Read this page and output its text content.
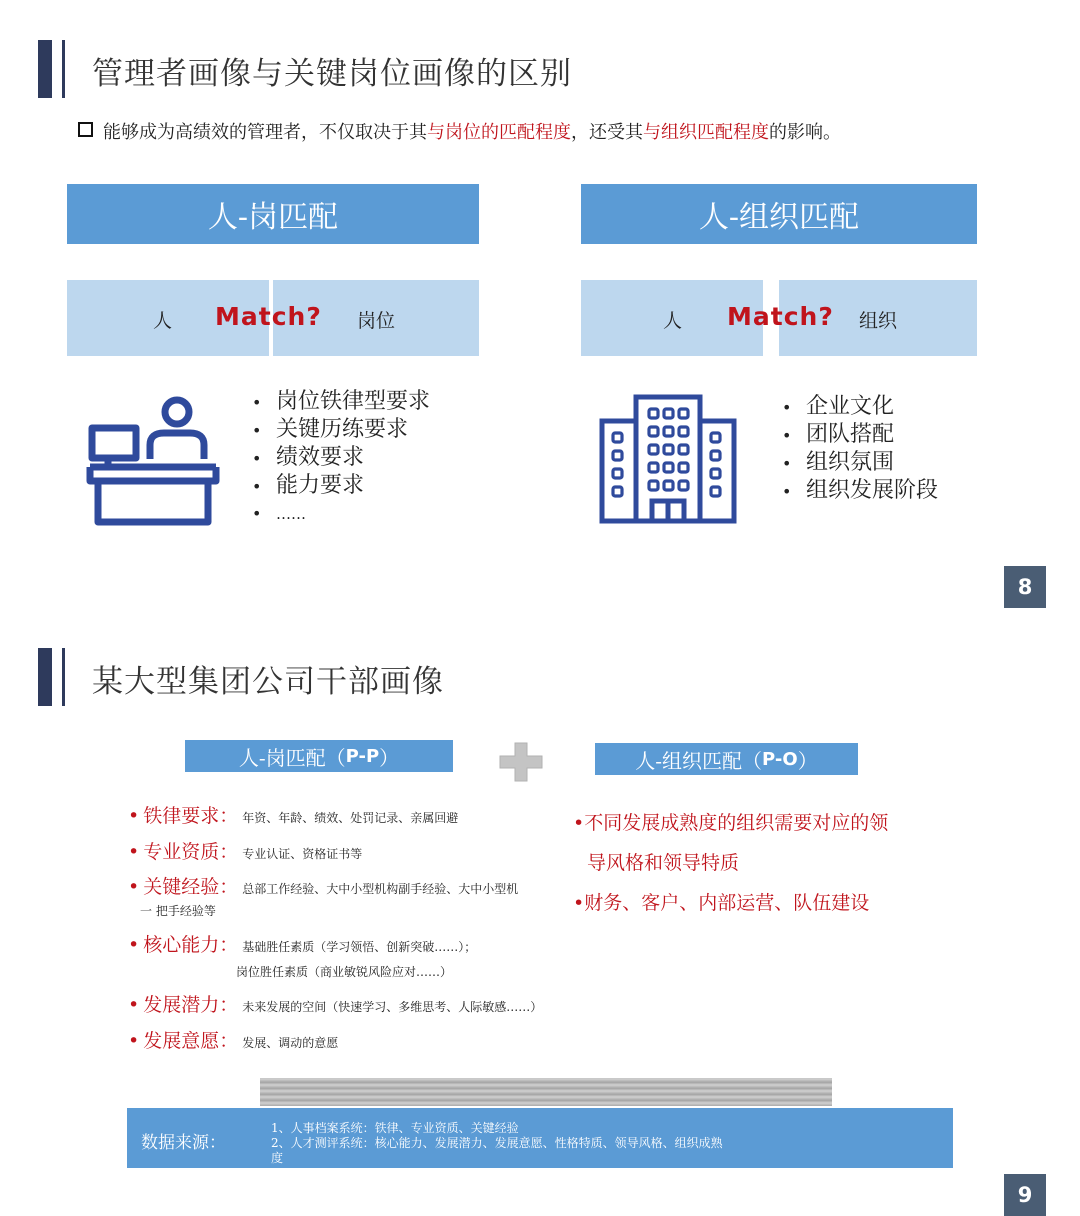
管理者画像与关键岗位画像的区别
能够成为高绩效的管理者，不仅取决于其与岗位的匹配程度，还受其与组织匹配程度的影响。
人-岗匹配
人 Match? 岗位
• 岗位铁律型要求
• 关键历练要求
• 绩效要求
• 能力要求
• ……
人-组织匹配
人 Match? 组织
• 企业文化
• 团队搭配
• 组织氛围
• 组织发展阶段
8
某大型集团公司干部画像
人-岗匹配（ P-P ）	人-组织匹配（ P-O ）
• 铁律要求： 年资、年龄、绩效、处罚记录、亲属回避
• 专业资质： 专业认证、资格证书等
• 关键经验： 总部工作经验、大中小型机构副手经验、大中小型机
一 把手经验等
• 核心能力： 基础胜任素质（学习领悟、创新突破……）；
岗位胜任素质（商业敏锐风险应对……）
• 发展潜力： 未来发展的空间（快速学习、多维思考、人际敏感……）
• 发展意愿： 发展、调动的意愿
•不同发展成熟度的组织需要对应的领
导风格和领导特质
•财务、客户、内部运营、队伍建设
数据来源：
1、人事档案系统：铁律、专业资质、关键经验
2、人才测评系统：核心能力、发展潜力、发展意愿、性格特质、领导风格、组织成熟
度
9
